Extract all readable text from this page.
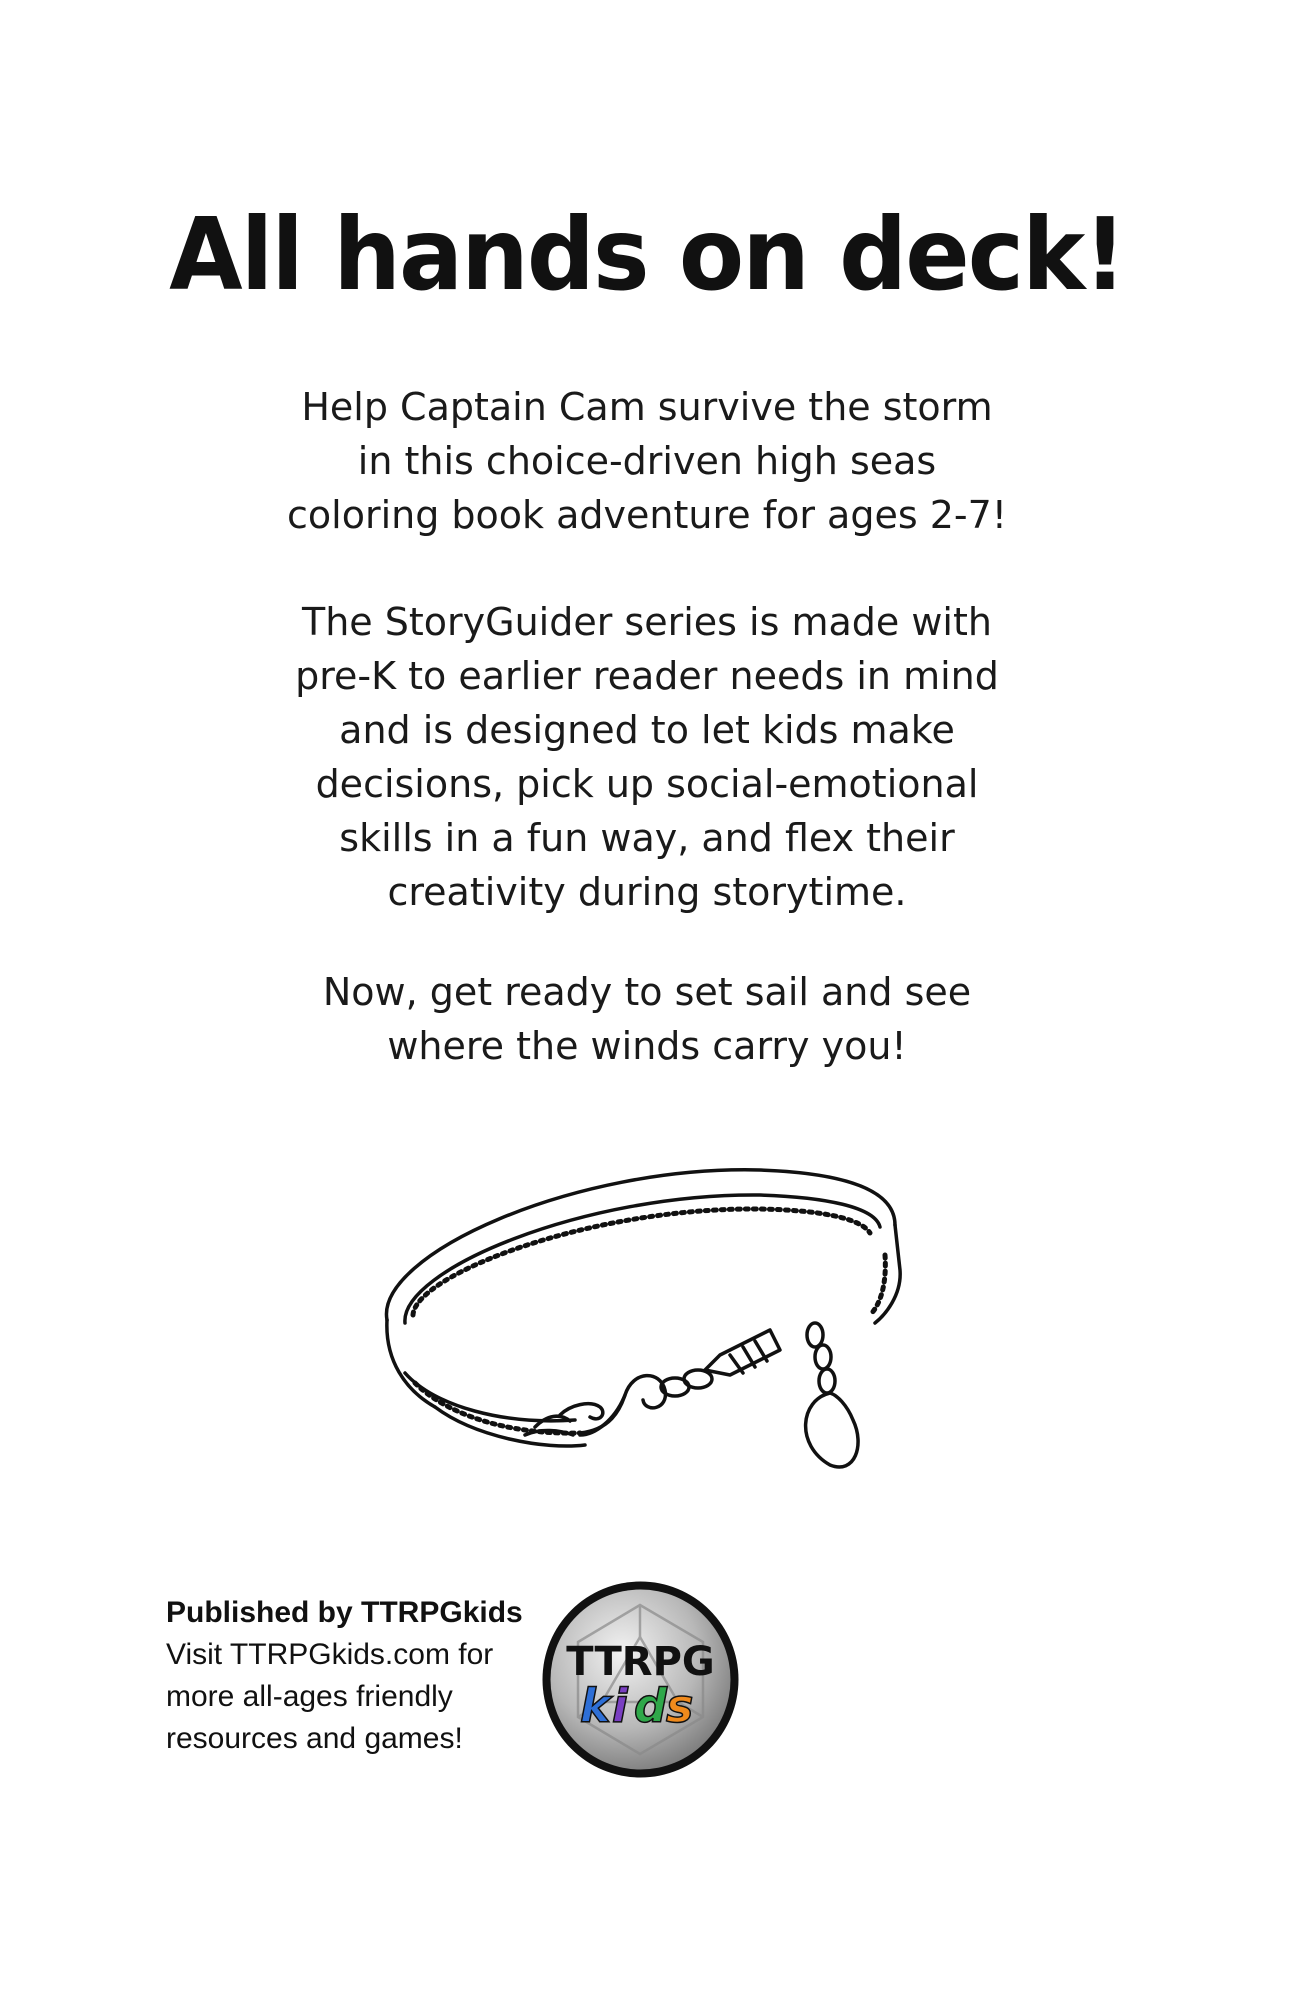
All hands on deck!
Help Captain Cam survive the storm
in this choice-driven high seas
coloring book adventure for ages 2-7!
The StoryGuider series is made with
pre-K to earlier reader needs in mind
and is designed to let kids make
decisions, pick up social-emotional
skills in a fun way, and flex their
creativity during storytime.
Now, get ready to set sail and see
where the winds carry you!
Published by TTRPGkids
Visit TTRPGkids.com for
more all-ages friendly
resources and games!
TTRPG
k i d s
